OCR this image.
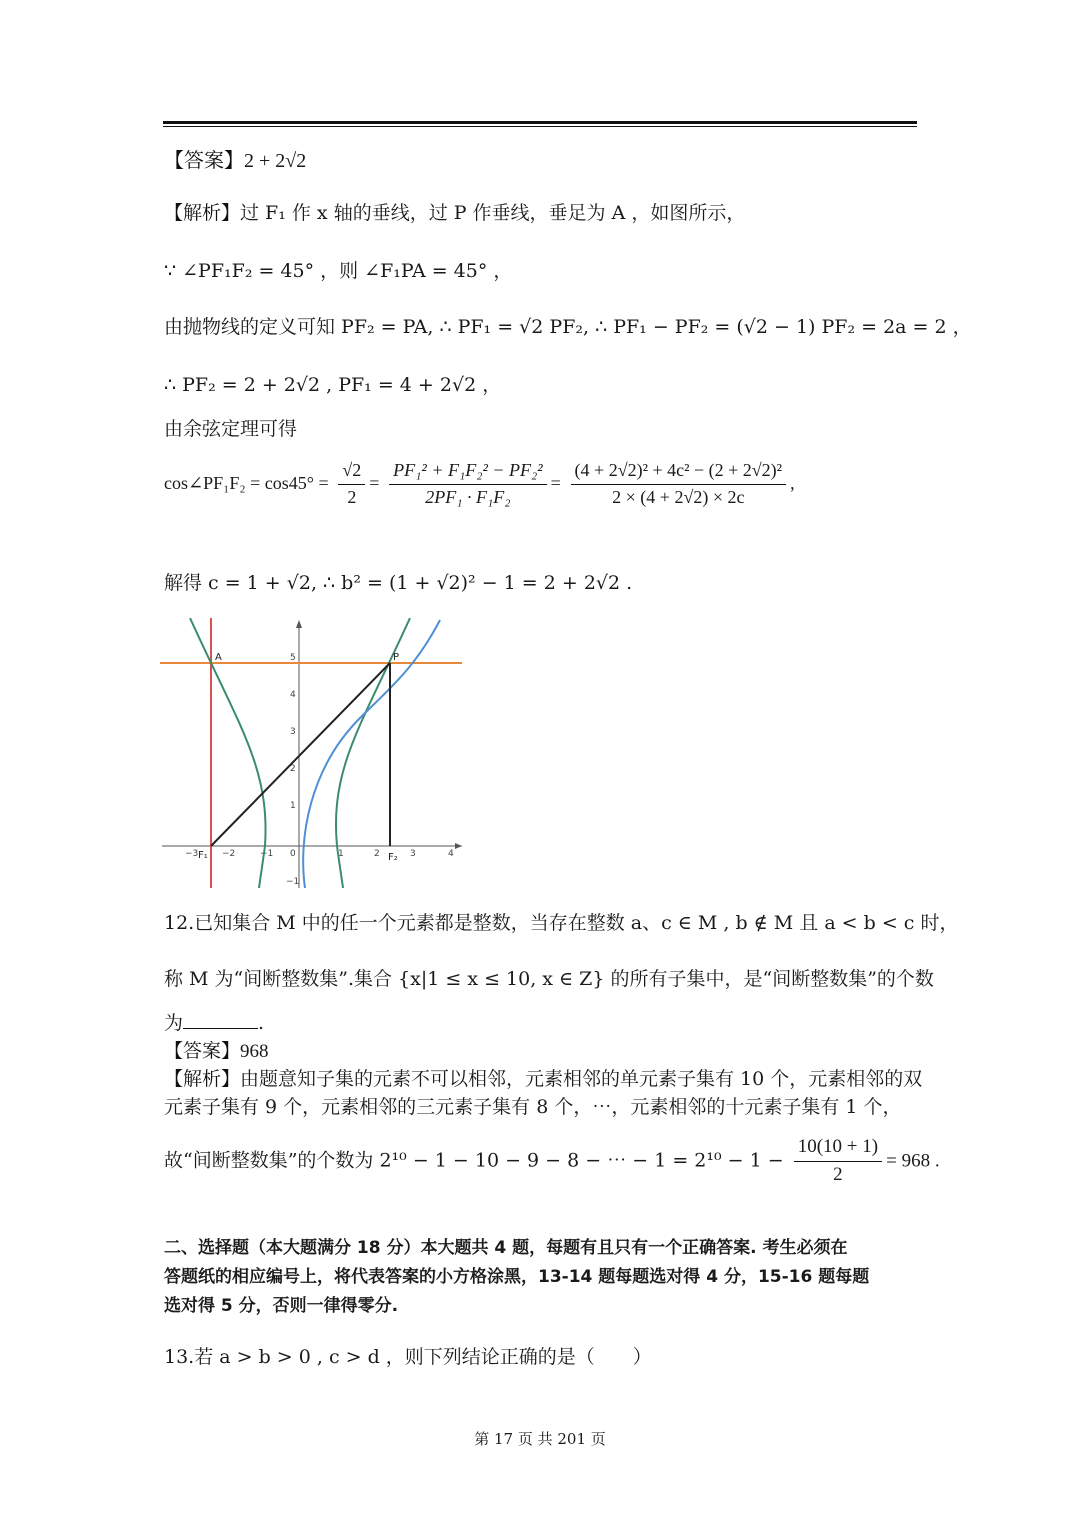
【答案】2 + 2√2
【解析】过 F₁ 作 x 轴的垂线，过 P 作垂线，垂足为 A ，如图所示，
∵ ∠PF₁F₂ = 45° ，则 ∠F₁PA = 45° ，
由抛物线的定义可知 PF₂ = PA, ∴ PF₁ = √2 PF₂, ∴ PF₁ − PF₂ = (√2 − 1) PF₂ = 2a = 2 ，
∴ PF₂ = 2 + 2√2 , PF₁ = 4 + 2√2 ，
由余弦定理可得
cos∠PF₁F₂ = $\cos 45^\circ = \frac{√2}{2} = \frac{\text{PF₁² + F₁F₂² − PF₂²}}{\text{2PF₁ · F₁F₂}} = \frac{\text{(4 + 2√2)² + 4c² − (2 + 2√2)²}}{2 \times (4 + 2√2) \times 2c}$ ,
解得 c = 1 + √2, ∴ b² = (1 + √2)² − 1 = 2 + 2√2 .
−3	−2	−1 0	1	2	3	4
5
4
3
2
1
−1
A	P
F₁	F₂
12.已知集合 M 中的任一个元素都是整数，当存在整数 a、c ∈ M , b ∉ M 且 a < b < c 时，
称 M 为“间断整数集”.集合 {x|1 ≤ x ≤ 10, x ∈ Z} 的所有子集中，是“间断整数集”的个数
为	.
【答案】968
【解析】由题意知子集的元素不可以相邻，元素相邻的单元素子集有 10 个，元素相邻的双
元素子集有 9 个，元素相邻的三元素子集有 8 个，⋯，元素相邻的十元素子集有 1 个，
故“间断整数集”的个数为 2¹⁰ − 1 − 10 − 9 − 8 − ⋯ − $1 = 2^{10} - 1 - \frac{10(10 + 1)}{2} = 968$ .
二、选择题（本大题满分 18 分）本大题共 4 题，每题有且只有一个正确答案. 考生必须在
答题纸的相应编号上，将代表答案的小方格涂黑，13-14 题每题选对得 4 分，15-16 题每题
选对得 5 分，否则一律得零分.
13.若 a > b > 0 , c > d ，则下列结论正确的是（　　）
第 17 页 共 201 页
